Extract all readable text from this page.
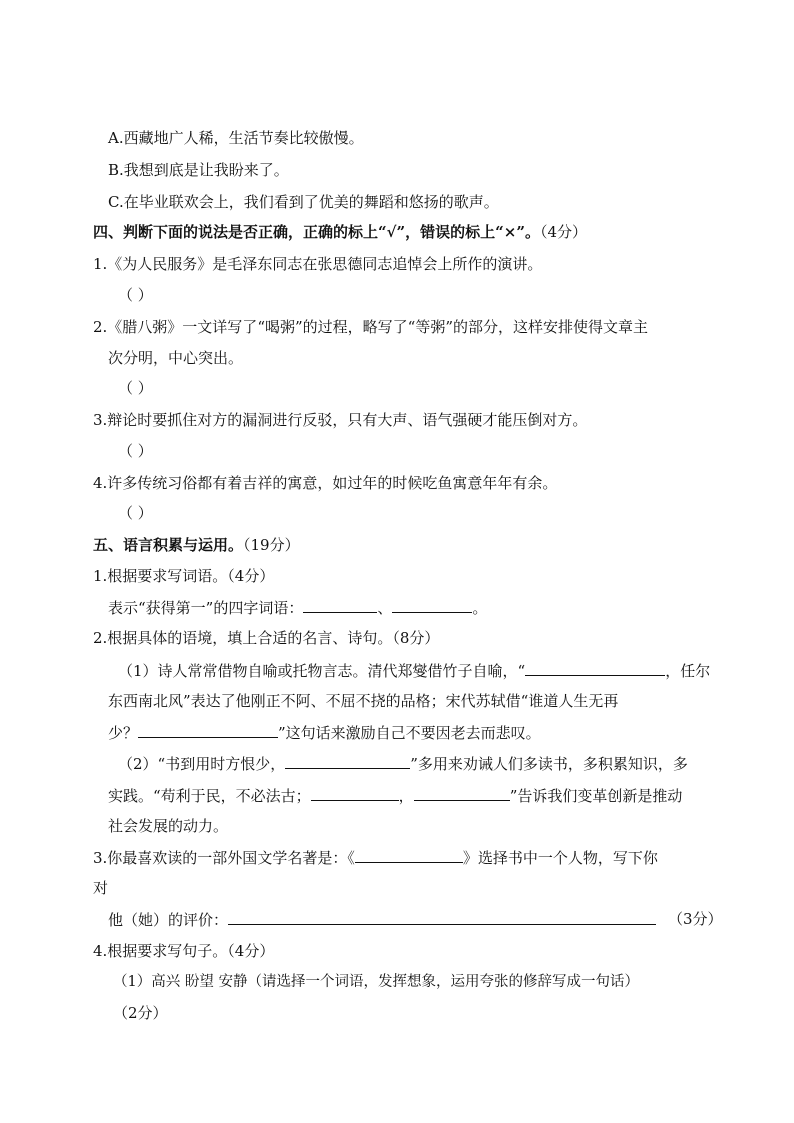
A.西藏地广人稀，生活节奏比较傲慢。
B.我想到底是让我盼来了。
C.在毕业联欢会上，我们看到了优美的舞蹈和悠扬的歌声。
四、判断下面的说法是否正确，正确的标上“√”，错误的标上“×”。（4分）
1.《为人民服务》是毛泽东同志在张思德同志追悼会上所作的演讲。
（ ）
2.《腊八粥》一文详写了“喝粥”的过程，略写了“等粥”的部分，这样安排使得文章主
次分明，中心突出。
（ ）
3.辩论时要抓住对方的漏洞进行反驳，只有大声、语气强硬才能压倒对方。
（ ）
4.许多传统习俗都有着吉祥的寓意，如过年的时候吃鱼寓意年年有余。
（ ）
五、语言积累与运用。（19分）
1.根据要求写词语。（4分）
表示“获得第一”的四字词语：	、	。
2.根据具体的语境，填上合适的名言、诗句。（8分）
（1）诗人常常借物自喻或托物言志。清代郑燮借竹子自喻，“	，任尔
东西南北风”表达了他刚正不阿、不屈不挠的品格；宋代苏轼借“谁道人生无再
少？	”这句话来激励自己不要因老去而悲叹。
（2）“书到用时方恨少，	”多用来劝诫人们多读书，多积累知识，多
实践。“苟利于民，不必法古；	，	”告诉我们变革创新是推动
社会发展的动力。
3.你最喜欢读的一部外国文学名著是：《	》选择书中一个人物，写下你
对
他（她）的评价：	（3分）
4.根据要求写句子。（4分）
（1）高兴 盼望 安静（请选择一个词语，发挥想象，运用夸张的修辞写成一句话）
（2分）
